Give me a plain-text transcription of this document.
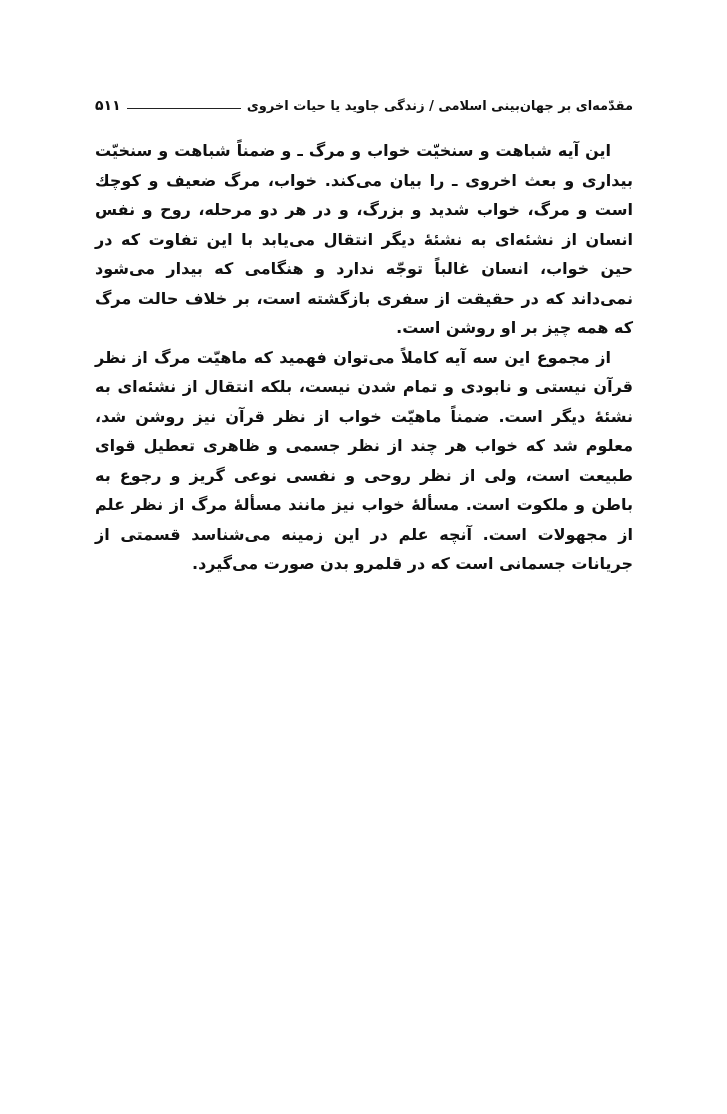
مقدّمه‌ای بر جهان‌بینی اسلامی / زندگی جاوید یا حیات اخروی
۵۱۱

این آیه شباهت و سنخیّت خواب و مرگ ـ و ضمناً شباهت و سنخیّت بیداری و بعث اخروی ـ را بیان می‌کند. خواب، مرگ ضعیف و کوچك است و مرگ، خواب شدید و بزرگ، و در هر دو مرحله، روح و نفس انسان از نشئه‌ای به نشئهٔ دیگر انتقال می‌یابد با این تفاوت که در حین خواب، انسان غالباً توجّه ندارد و هنگامی که بیدار می‌شود نمی‌داند که در حقیقت از سفری بازگشته است، بر خلاف حالت مرگ که همه چیز بر او روشن است.

از مجموع این سه آیه کاملاً می‌توان فهمید که ماهیّت مرگ از نظر قرآن نیستی و نابودی و تمام شدن نیست، بلکه انتقال از نشئه‌ای به نشئهٔ دیگر است. ضمناً ماهیّت خواب از نظر قرآن نیز روشن شد، معلوم شد که خواب هر چند از نظر جسمی و ظاهری تعطیل قوای طبیعت است، ولی از نظر روحی و نفسی نوعی گریز و رجوع به باطن و ملکوت است. مسألهٔ خواب نیز مانند مسألهٔ مرگ از نظر علم از مجهولات است. آنچه علم در این زمینه می‌شناسد قسمتی از جریانات جسمانی است که در قلمرو بدن صورت می‌گیرد.
